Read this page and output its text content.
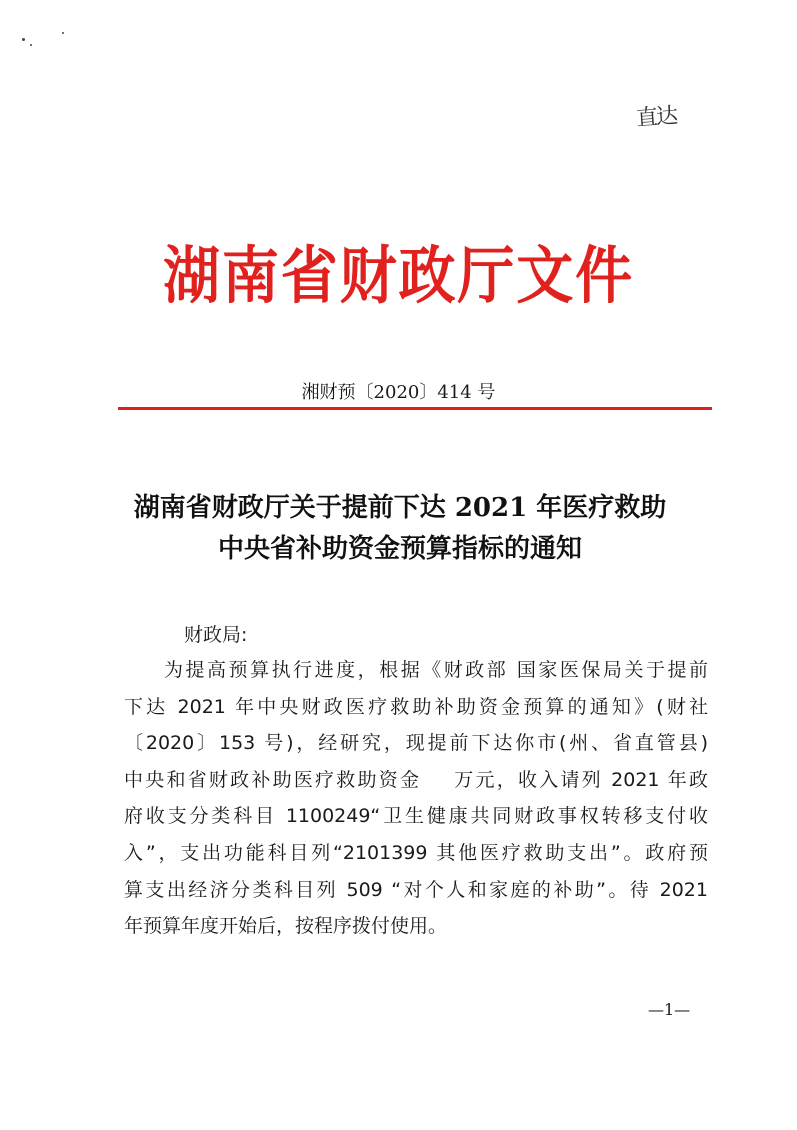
直达
湖南省财政厅文件
湘财预〔2020〕414 号
湖南省财政厅关于提前下达 2021 年医疗救助
中央省补助资金预算指标的通知
财政局:
为提高预算执行进度，根据《财政部 国家医保局关于提前
下达 2021 年中央财政医疗救助补助资金预算的通知》(财社
〔2020〕153 号)，经研究，现提前下达你市(州、省直管县)
中央和省财政补助医疗救助资金    万元，收入请列 2021 年政
府收支分类科目 1100249“卫生健康共同财政事权转移支付收
入”，支出功能科目列“2101399 其他医疗救助支出”。政府预
算支出经济分类科目列 509 “对个人和家庭的补助”。待 2021
年预算年度开始后，按程序拨付使用。
—1—
